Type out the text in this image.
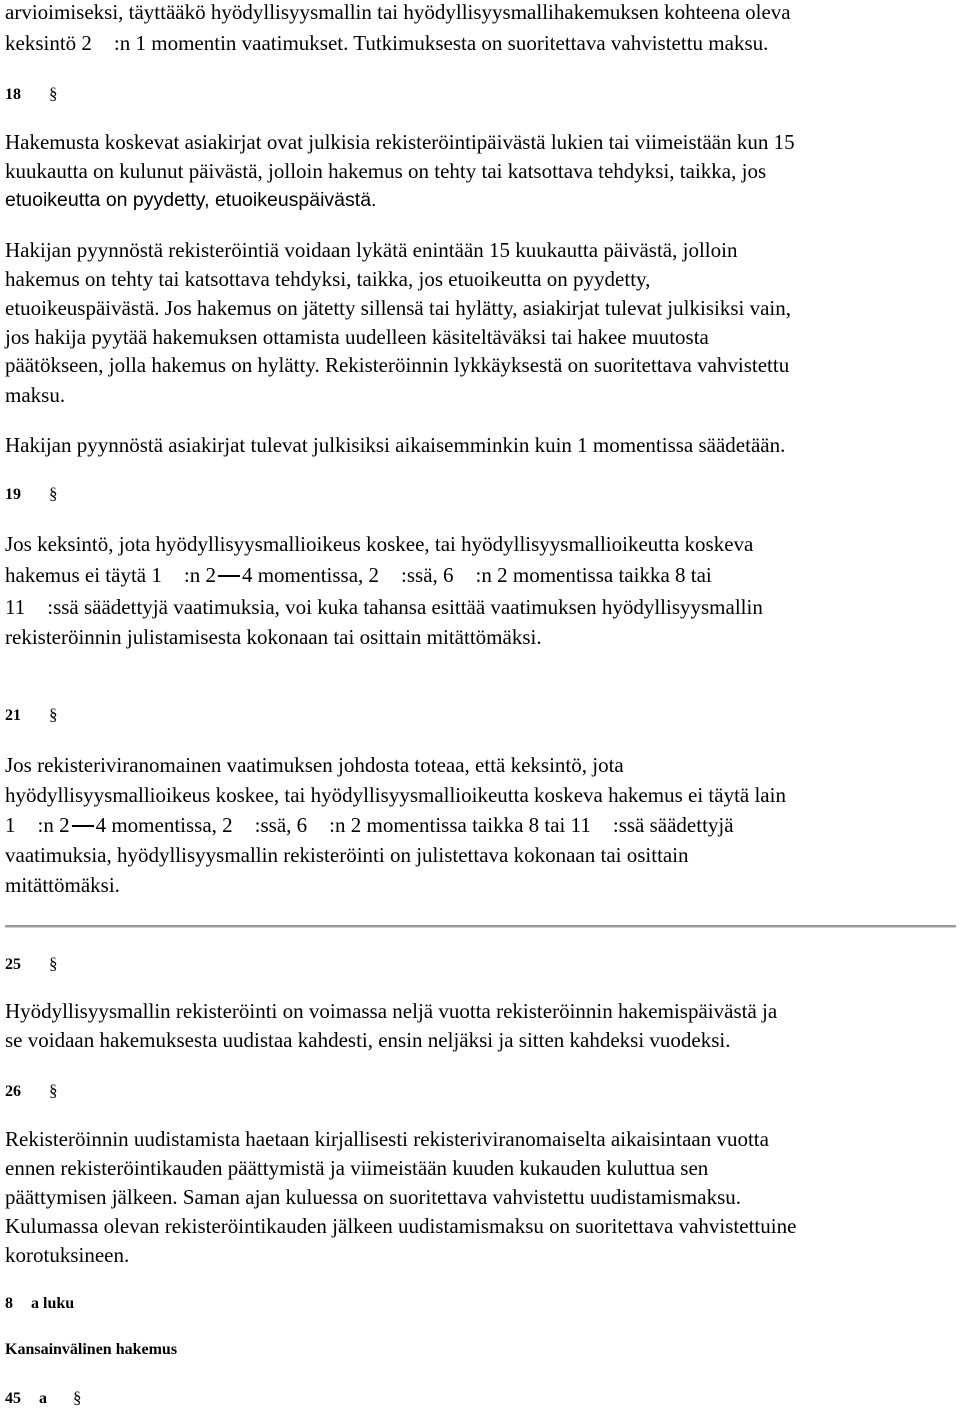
arvioimiseksi, täyttääkö hyödyllisyysmallin tai hyödyllisyysmallihakemuksen kohteena oleva

keksintö 2 :n 1 momentin vaatimukset. Tutkimuksesta on suoritettava vahvistettu maksu.

18 §

Hakemusta koskevat asiakirjat ovat julkisia rekisteröintipäivästä lukien tai viimeistään kun 15

kuukautta on kulunut päivästä, jolloin hakemus on tehty tai katsottava tehdyksi, taikka, jos

etuoikeutta on pyydetty, etuoikeuspäivästä.

Hakijan pyynnöstä rekisteröintiä voidaan lykätä enintään 15 kuukautta päivästä, jolloin

hakemus on tehty tai katsottava tehdyksi, taikka, jos etuoikeutta on pyydetty,

etuoikeuspäivästä. Jos hakemus on jätetty sillensä tai hylätty, asiakirjat tulevat julkisiksi vain,

jos hakija pyytää hakemuksen ottamista uudelleen käsiteltäväksi tai hakee muutosta

päätökseen, jolla hakemus on hylätty. Rekisteröinnin lykkäyksestä on suoritettava vahvistettu

maksu.

Hakijan pyynnöstä asiakirjat tulevat julkisiksi aikaisemminkin kuin 1 momentissa säädetään.

19 §

Jos keksintö, jota hyödyllisyysmallioikeus koskee, tai hyödyllisyysmallioikeutta koskeva

hakemus ei täytä 1 :n 2 4 momentissa, 2 :ssä, 6 :n 2 momentissa taikka 8 tai

11 :ssä säädettyjä vaatimuksia, voi kuka tahansa esittää vaatimuksen hyödyllisyysmallin

rekisteröinnin julistamisesta kokonaan tai osittain mitättömäksi.

21 §

Jos rekisteriviranomainen vaatimuksen johdosta toteaa, että keksintö, jota

hyödyllisyysmallioikeus koskee, tai hyödyllisyysmallioikeutta koskeva hakemus ei täytä lain

1 :n 2 4 momentissa, 2 :ssä, 6 :n 2 momentissa taikka 8 tai 11 :ssä säädettyjä

vaatimuksia, hyödyllisyysmallin rekisteröinti on julistettava kokonaan tai osittain

mitättömäksi.

25 §

Hyödyllisyysmallin rekisteröinti on voimassa neljä vuotta rekisteröinnin hakemispäivästä ja

se voidaan hakemuksesta uudistaa kahdesti, ensin neljäksi ja sitten kahdeksi vuodeksi.

26 §

Rekisteröinnin uudistamista haetaan kirjallisesti rekisteriviranomaiselta aikaisintaan vuotta

ennen rekisteröintikauden päättymistä ja viimeistään kuuden kukauden kuluttua sen

päättymisen jälkeen. Saman ajan kuluessa on suoritettava vahvistettu uudistamismaksu.

Kulumassa olevan rekisteröintikauden jälkeen uudistamismaksu on suoritettava vahvistettuine

korotuksineen.

8 a luku
Kansainvälinen hakemus
45 a §
